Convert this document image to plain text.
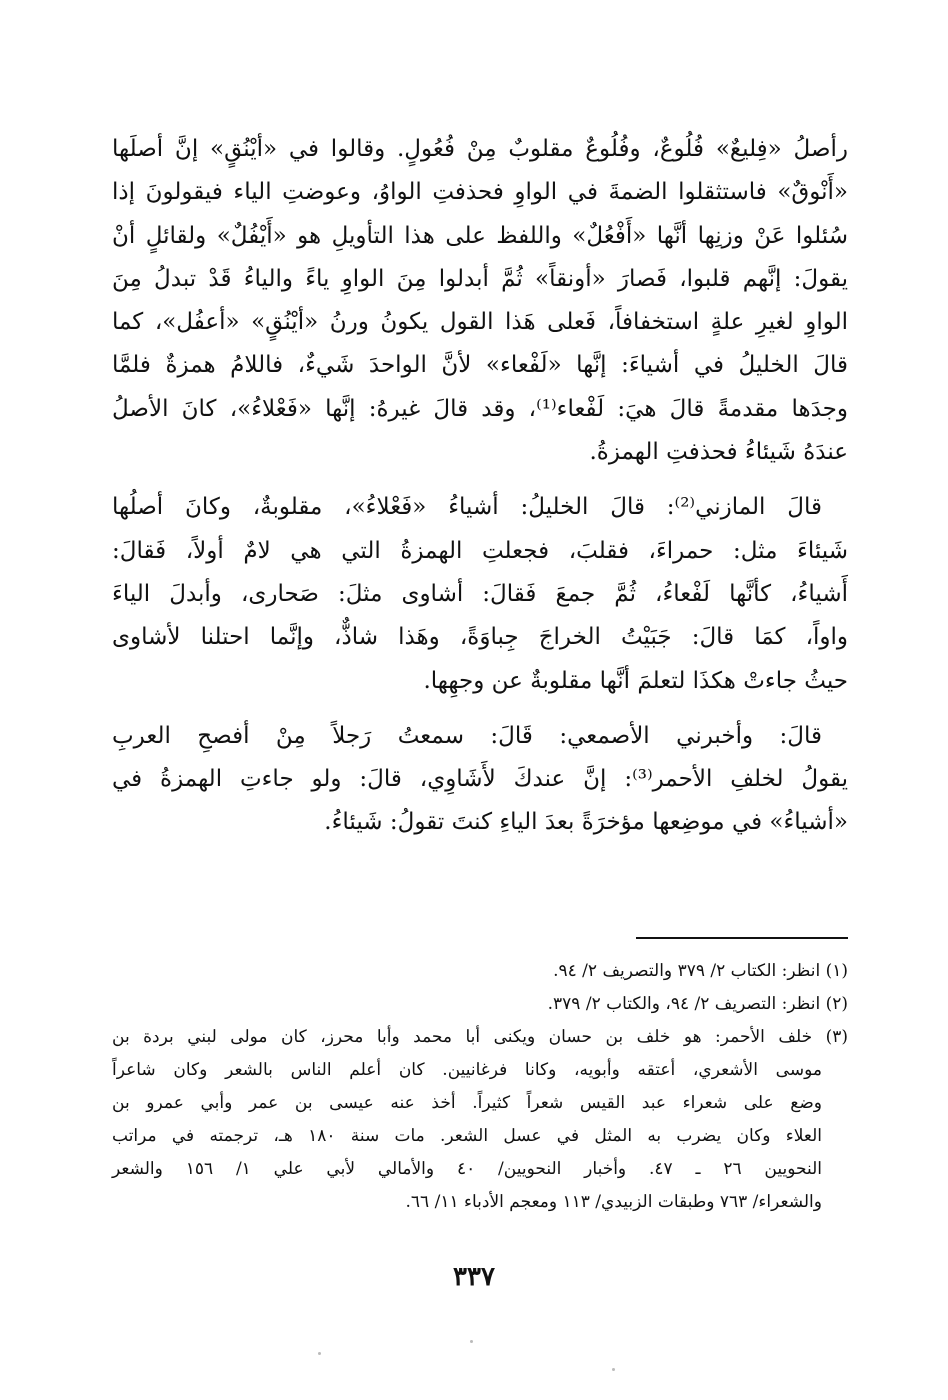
رأصلُ «فِليعٌ» فُلُوعٌ، وفُلُوعٌ مقلوبٌ مِنْ فُعُولٍ. وقالوا في «أيْنُقٍ» إنَّ أصلَها
«أَنْوقٌ» فاستثقلوا الضمةَ في الواوِ فحذفتِ الواوُ، وعوضتِ الياء فيقولونَ إذا
سُئلوا عَنْ وزنِها أنَّها «أَفْعُلٌ» واللفظ على هذا التأويلِ هو «أَيْفُلٌ» ولقائلٍ أنْ
يقولَ: إنَّهم قلبوا، فَصارَ «أونقاً» ثُمَّ أبدلوا مِنَ الواوِ ياءً والياءُ قَدْ تبدلُ مِنَ
الواوِ لغيرِ علةٍ استخفافاً، فَعلى هَذا القول يكونُ ورنُ «أيْنُقٍ» «أعفُل»، كما
قالَ الخليلُ في أشياءَ: إنَّها «لَفْعاء» لأنَّ الواحدَ شَيءٌ، فاللامُ همزةٌ فلمَّا
وجدَها مقدمةً قالَ هيَ: لَفْعاء⁽¹⁾، وقد قالَ غيرهُ: إنَّها «فَعْلاءُ»، كانَ الأصلُ
عندَهُ شَيئاءُ فحذفتِ الهمزةُ.
قالَ المازني⁽²⁾: قالَ الخليلُ: أشياءُ «فَعْلاءُ»، مقلوبةٌ، وكانَ أصلُها
شَيئاءَ مثل: حمراءَ، فقلبَ، فجعلتِ الهمزةُ التي هي لامٌ أولاً، فَقالَ:
أَشياءُ، كأنَّها لَفْعاءُ، ثُمَّ جمعَ فَقالَ: أشاوى مثلَ: صَحارى، وأبدلَ الياءَ
واواً، كمَا قالَ: جَبَيْتُ الخراجَ جِباوَةً، وهَذا شاذٌّ، وإنَّما احتلنا لأشاوى
حيثُ جاءتْ هكذَا لتعلمَ أنَّها مقلوبةٌ عن وجهِها.
قالَ: وأخبرني الأصمعي: قَالَ: سمعتُ رَجلاً مِنْ أفصحِ العربِ
يقولُ لخلفِ الأحمر⁽³⁾: إنَّ عندكَ لأَشَاوِي، قالَ: ولو جاءتِ الهمزةُ في
«أشياءُ» في موضِعها مؤخرَةً بعدَ الياءِ كنتَ تقولُ: شَيئاءُ.
(١) انظر: الكتاب ٢/ ٣٧٩ والتصريف ٢/ ٩٤.
(٢) انظر: التصريف ٢/ ٩٤، والكتاب ٢/ ٣٧٩.
(٣) خلف الأحمر: هو خلف بن حسان ويكنى أبا محمد وأبا محرز، كان مولى لبني بردة بن
موسى الأشعري، أعتقه وأبويه، وكانا فرغانيين. كان أعلم الناس بالشعر وكان شاعراً
وضع على شعراء عبد القيس شعراً كثيراً. أخذ عنه عيسى بن عمر وأبي عمرو بن
العلاء وكان يضرب به المثل في عسل الشعر. مات سنة ١٨٠ هـ، ترجمته في مراتب
النحويين ٢٦ ـ ٤٧. وأخبار النحويين/ ٤٠ والأمالي لأبي علي ١/ ١٥٦ والشعر
والشعراء/ ٧٦٣ وطبقات الزبيدي/ ١١٣ ومعجم الأدباء ١١/ ٦٦.
٣٣٧
